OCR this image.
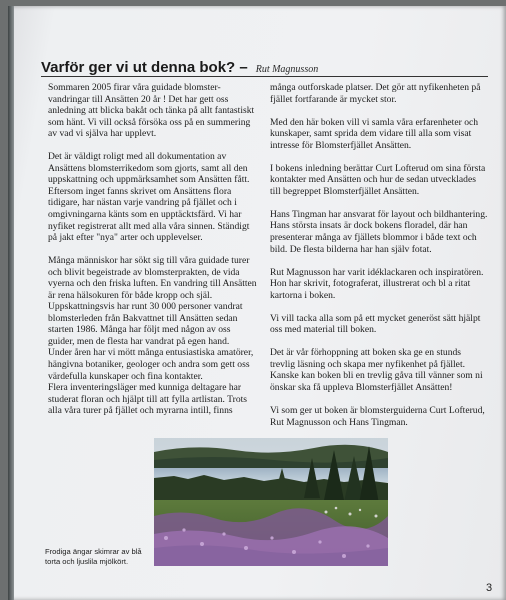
Varför ger vi ut denna bok? – Rut Magnusson

Sommaren 2005 firar våra guidade blomster-vandringar till Ansätten 20 år ! Det har gett oss anledning att blicka bakåt och tänka på allt fantastiskt som hänt. Vi vill också försöka oss på en summering av vad vi själva har upplevt.

Det är väldigt roligt med all dokumentation av Ansättens blomsterrikedom som gjorts, samt all den uppskattning och uppmärksamhet som Ansätten fått.

Eftersom inget fanns skrivet om Ansättens flora tidigare, har nästan varje vandring på fjället och i omgivningarna känts som en upptäcktsfärd. Vi har nyfiket registrerat allt med alla våra sinnen. Ständigt på jakt efter "nya" arter och upplevelser.

Många människor har sökt sig till våra guidade turer och blivit begeistrade av blomsterprakten, de vida vyerna och den friska luften. En vandring till Ansätten är rena hälsokuren för både kropp och själ.

Uppskattningsvis har runt 30 000 personer vandrat blomsterleden från Bakvattnet till Ansätten sedan starten 1986. Många har följt med någon av oss guider, men de flesta har vandrat på egen hand.

Under åren har vi mött många entusiastiska amatörer, hängivna botaniker, geologer och andra som gett oss värdefulla kunskaper och fina kontakter.

Flera inventeringsläger med kunniga deltagare har studerat floran och hjälpt till att fylla artlistan. Trots alla våra turer på fjället och myrarna intill, finns

många outforskade platser. Det gör att nyfikenheten på fjället fortfarande är mycket stor.

Med den här boken vill vi samla våra erfarenheter och kunskaper, samt sprida dem vidare till alla som visat intresse för Blomsterfjället Ansätten.

I bokens inledning berättar Curt Lofterud om sina första kontakter med Ansätten och hur de sedan utvecklades till begreppet Blomsterfjället Ansätten.

Hans Tingman har ansvarat för layout och bildhantering. Hans största insats är dock bokens floradel, där han presenterar många av fjällets blommor i både text och bild. De flesta bilderna har han själv fotat.

Rut Magnusson har varit idéklackaren och inspiratören. Hon har skrivit, fotograferat, illustrerat och bl a ritat kartorna i boken.

Vi vill tacka alla som på ett mycket generöst sätt hjälpt oss med material till boken.

Det är vår förhoppning att boken ska ge en stunds trevlig läsning och skapa mer nyfikenhet på fjället. Kanske kan boken bli en trevlig gåva till vänner som ni önskar ska få uppleva Blomsterfjället Ansätten!

Vi som ger ut boken är blomsterguiderna Curt Lofterud, Rut Magnusson och Hans Tingman.

Frodiga ängar skimrar av blå torta och ljuslila mjölkört.
3
